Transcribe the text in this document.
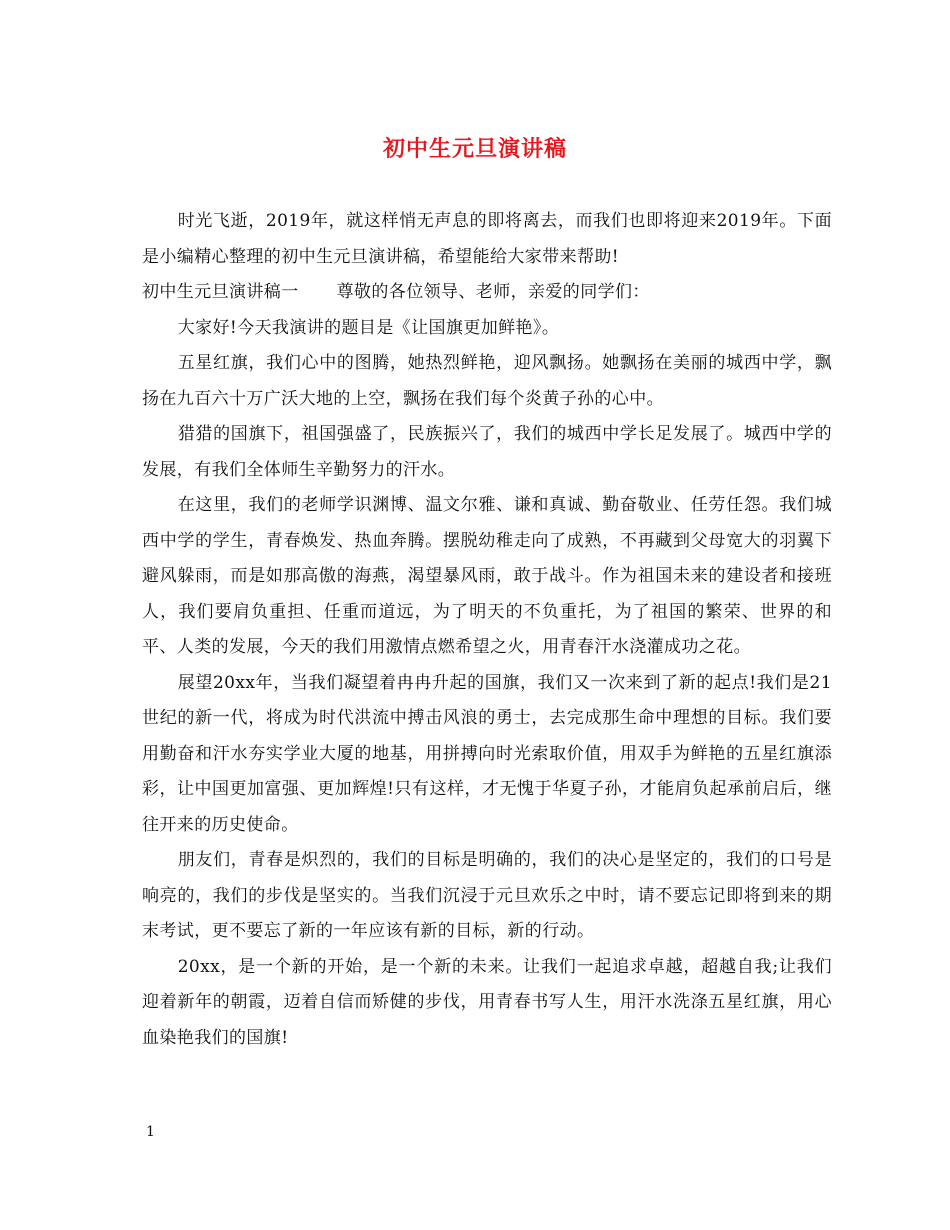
初中生元旦演讲稿

时光飞逝，2019年，就这样悄无声息的即将离去，而我们也即将迎来2019年。下面是小编精心整理的初中生元旦演讲稿，希望能给大家带来帮助!

初中生元旦演讲稿一 尊敬的各位领导、老师，亲爱的同学们：

大家好!今天我演讲的题目是《让国旗更加鲜艳》。

五星红旗，我们心中的图腾，她热烈鲜艳，迎风飘扬。她飘扬在美丽的城西中学，飘扬在九百六十万广沃大地的上空，飘扬在我们每个炎黄子孙的心中。

猎猎的国旗下，祖国强盛了，民族振兴了，我们的城西中学长足发展了。城西中学的发展，有我们全体师生辛勤努力的汗水。

在这里，我们的老师学识渊博、温文尔雅、谦和真诚、勤奋敬业、任劳任怨。我们城西中学的学生，青春焕发、热血奔腾。摆脱幼稚走向了成熟，不再藏到父母宽大的羽翼下避风躲雨，而是如那高傲的海燕，渴望暴风雨，敢于战斗。作为祖国未来的建设者和接班人，我们要肩负重担、任重而道远，为了明天的不负重托，为了祖国的繁荣、世界的和平、人类的发展，今天的我们用激情点燃希望之火，用青春汗水浇灌成功之花。

展望20xx年，当我们凝望着冉冉升起的国旗，我们又一次来到了新的起点!我们是21世纪的新一代，将成为时代洪流中搏击风浪的勇士，去完成那生命中理想的目标。我们要用勤奋和汗水夯实学业大厦的地基，用拼搏向时光索取价值，用双手为鲜艳的五星红旗添彩，让中国更加富强、更加辉煌!只有这样，才无愧于华夏子孙，才能肩负起承前启后，继往开来的历史使命。

朋友们，青春是炽烈的，我们的目标是明确的，我们的决心是坚定的，我们的口号是响亮的，我们的步伐是坚实的。当我们沉浸于元旦欢乐之中时，请不要忘记即将到来的期末考试，更不要忘了新的一年应该有新的目标，新的行动。

20xx，是一个新的开始，是一个新的未来。让我们一起追求卓越，超越自我;让我们迎着新年的朝霞，迈着自信而矫健的步伐，用青春书写人生，用汗水洗涤五星红旗，用心血染艳我们的国旗!

1
